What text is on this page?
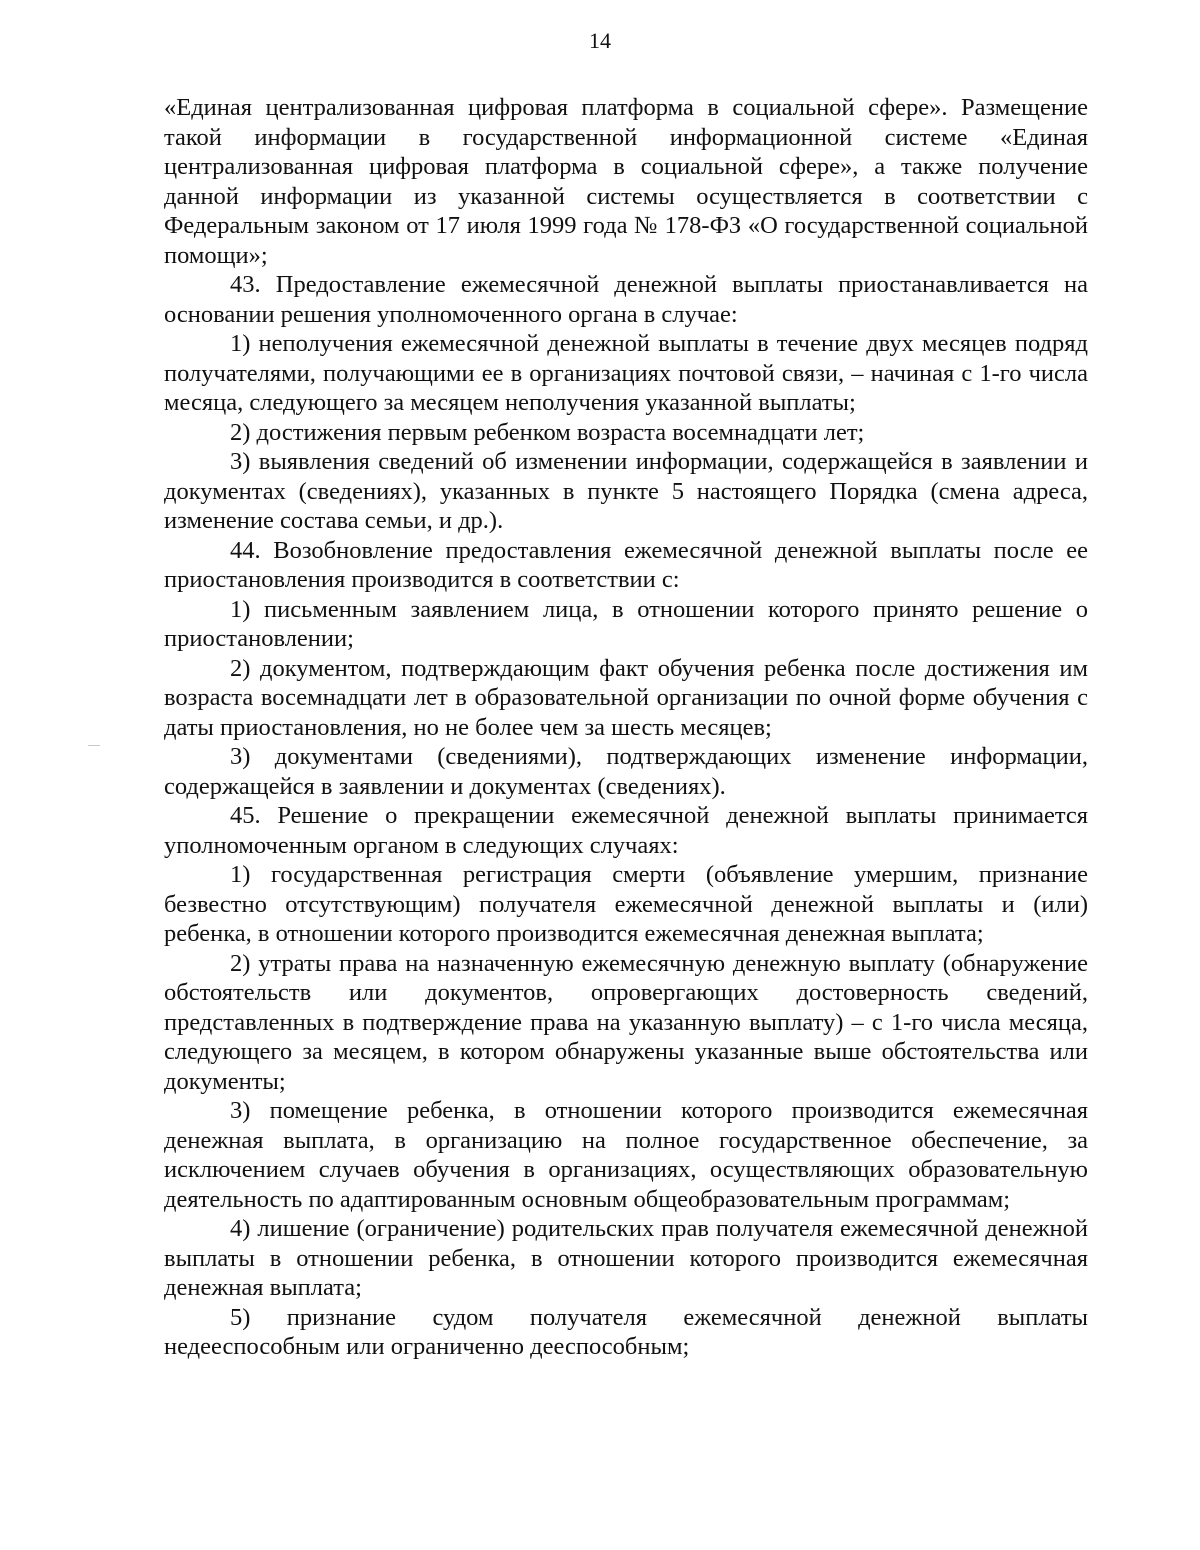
14

«Единая централизованная цифровая платформа в социальной сфере». Размещение такой информации в государственной информационной системе «Единая централизованная цифровая платформа в социальной сфере», а также получение данной информации из указанной системы осуществляется в соответствии с Федеральным законом от 17 июля 1999 года № 178-ФЗ «О государственной социальной помощи»;

43. Предоставление ежемесячной денежной выплаты приостанавливается на основании решения уполномоченного органа в случае:

1) неполучения ежемесячной денежной выплаты в течение двух месяцев подряд получателями, получающими ее в организациях почтовой связи, – начиная с 1-го числа месяца, следующего за месяцем неполучения указанной выплаты;

2) достижения первым ребенком возраста восемнадцати лет;

3) выявления сведений об изменении информации, содержащейся в заявлении и документах (сведениях), указанных в пункте 5 настоящего Порядка (смена адреса, изменение состава семьи, и др.).

44. Возобновление предоставления ежемесячной денежной выплаты после ее приостановления производится в соответствии с:

1) письменным заявлением лица, в отношении которого принято решение о приостановлении;

2) документом, подтверждающим факт обучения ребенка после достижения им возраста восемнадцати лет в образовательной организации по очной форме обучения с даты приостановления, но не более чем за шесть месяцев;

3) документами (сведениями), подтверждающих изменение информации, содержащейся в заявлении и документах (сведениях).

45. Решение о прекращении ежемесячной денежной выплаты принимается уполномоченным органом в следующих случаях:

1) государственная регистрация смерти (объявление умершим, признание безвестно отсутствующим) получателя ежемесячной денежной выплаты и (или) ребенка, в отношении которого производится ежемесячная денежная выплата;

2) утраты права на назначенную ежемесячную денежную выплату (обнаружение обстоятельств или документов, опровергающих достоверность сведений, представленных в подтверждение права на указанную выплату) – с 1-го числа месяца, следующего за месяцем, в котором обнаружены указанные выше обстоятельства или документы;

3) помещение ребенка, в отношении которого производится ежемесячная денежная выплата, в организацию на полное государственное обеспечение, за исключением случаев обучения в организациях, осуществляющих образовательную деятельность по адаптированным основным общеобразовательным программам;

4) лишение (ограничение) родительских прав получателя ежемесячной денежной выплаты в отношении ребенка, в отношении которого производится ежемесячная денежная выплата;

5) признание судом получателя ежемесячной денежной выплаты недееспособным или ограниченно дееспособным;
